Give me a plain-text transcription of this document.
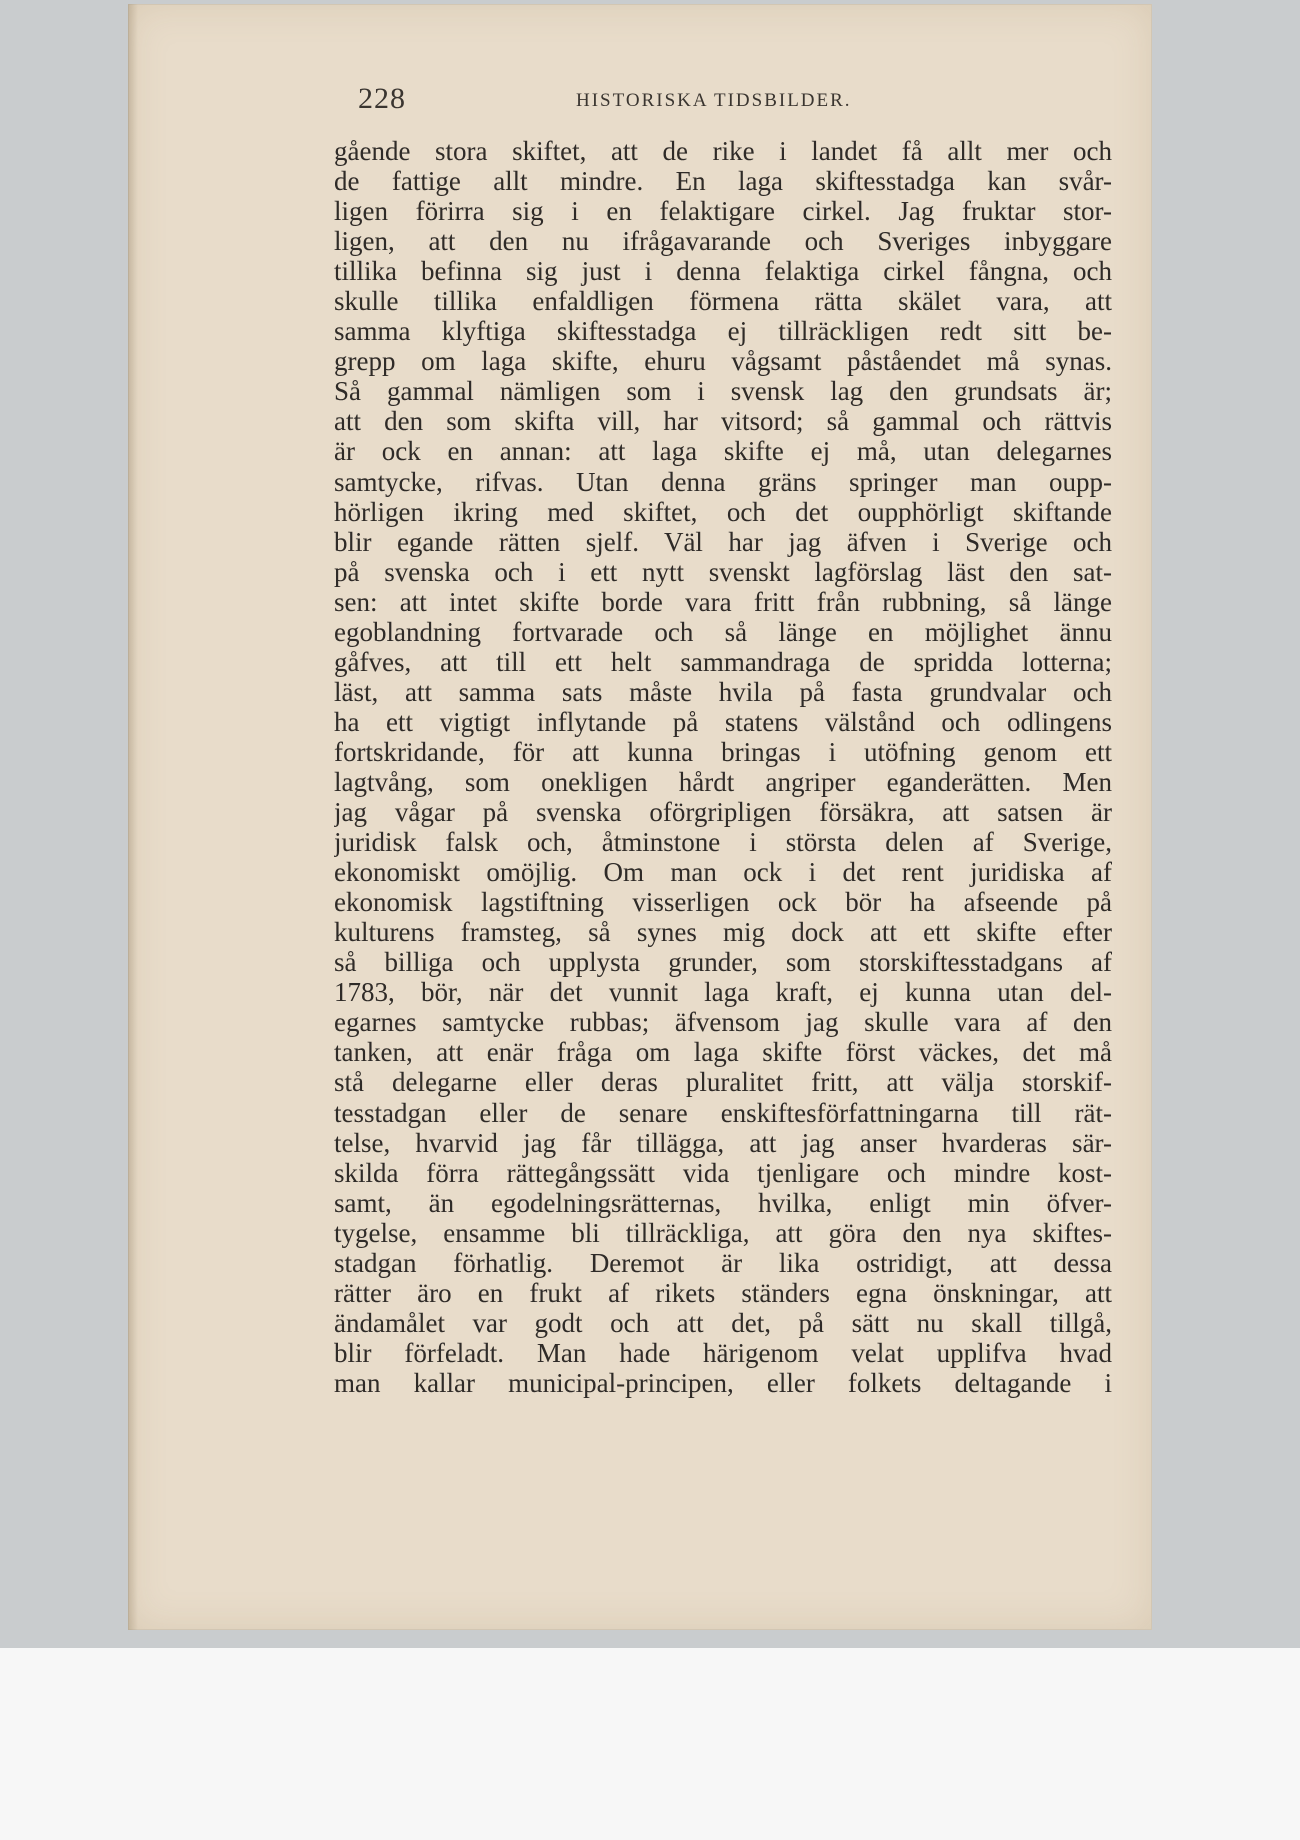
228	HISTORISKA TIDSBILDER.
gående stora skiftet, att de rike i landet få allt mer och
de fattige allt mindre. En laga skiftesstadga kan svår-
ligen förirra sig i en felaktigare cirkel. Jag fruktar stor-
ligen, att den nu ifrågavarande och Sveriges inbyggare
tillika befinna sig just i denna felaktiga cirkel fångna, och
skulle tillika enfaldligen förmena rätta skälet vara, att
samma klyftiga skiftesstadga ej tillräckligen redt sitt be-
grepp om laga skifte, ehuru vågsamt påståendet må synas.
Så gammal nämligen som i svensk lag den grundsats är;
att den som skifta vill, har vitsord; så gammal och rättvis
är ock en annan: att laga skifte ej må, utan delegarnes
samtycke, rifvas. Utan denna gräns springer man oupp-
hörligen ikring med skiftet, och det oupphörligt skiftande
blir egande rätten sjelf. Väl har jag äfven i Sverige och
på svenska och i ett nytt svenskt lagförslag läst den sat-
sen: att intet skifte borde vara fritt från rubbning, så länge
egoblandning fortvarade och så länge en möjlighet ännu
gåfves, att till ett helt sammandraga de spridda lotterna;
läst, att samma sats måste hvila på fasta grundvalar och
ha ett vigtigt inflytande på statens välstånd och odlingens
fortskridande, för att kunna bringas i utöfning genom ett
lagtvång, som onekligen hårdt angriper eganderätten. Men
jag vågar på svenska oförgripligen försäkra, att satsen är
juridisk falsk och, åtminstone i största delen af Sverige,
ekonomiskt omöjlig. Om man ock i det rent juridiska af
ekonomisk lagstiftning visserligen ock bör ha afseende på
kulturens framsteg, så synes mig dock att ett skifte efter
så billiga och upplysta grunder, som storskiftesstadgans af
1783, bör, när det vunnit laga kraft, ej kunna utan del-
egarnes samtycke rubbas; äfvensom jag skulle vara af den
tanken, att enär fråga om laga skifte först väckes, det må
stå delegarne eller deras pluralitet fritt, att välja storskif-
tesstadgan eller de senare enskiftesförfattningarna till rät-
telse, hvarvid jag får tillägga, att jag anser hvarderas sär-
skilda förra rättegångssätt vida tjenligare och mindre kost-
samt, än egodelningsrätternas, hvilka, enligt min öfver-
tygelse, ensamme bli tillräckliga, att göra den nya skiftes-
stadgan förhatlig. Deremot är lika ostridigt, att dessa
rätter äro en frukt af rikets ständers egna önskningar, att
ändamålet var godt och att det, på sätt nu skall tillgå,
blir förfeladt. Man hade härigenom velat upplifva hvad
man kallar municipal-principen, eller folkets deltagande i
